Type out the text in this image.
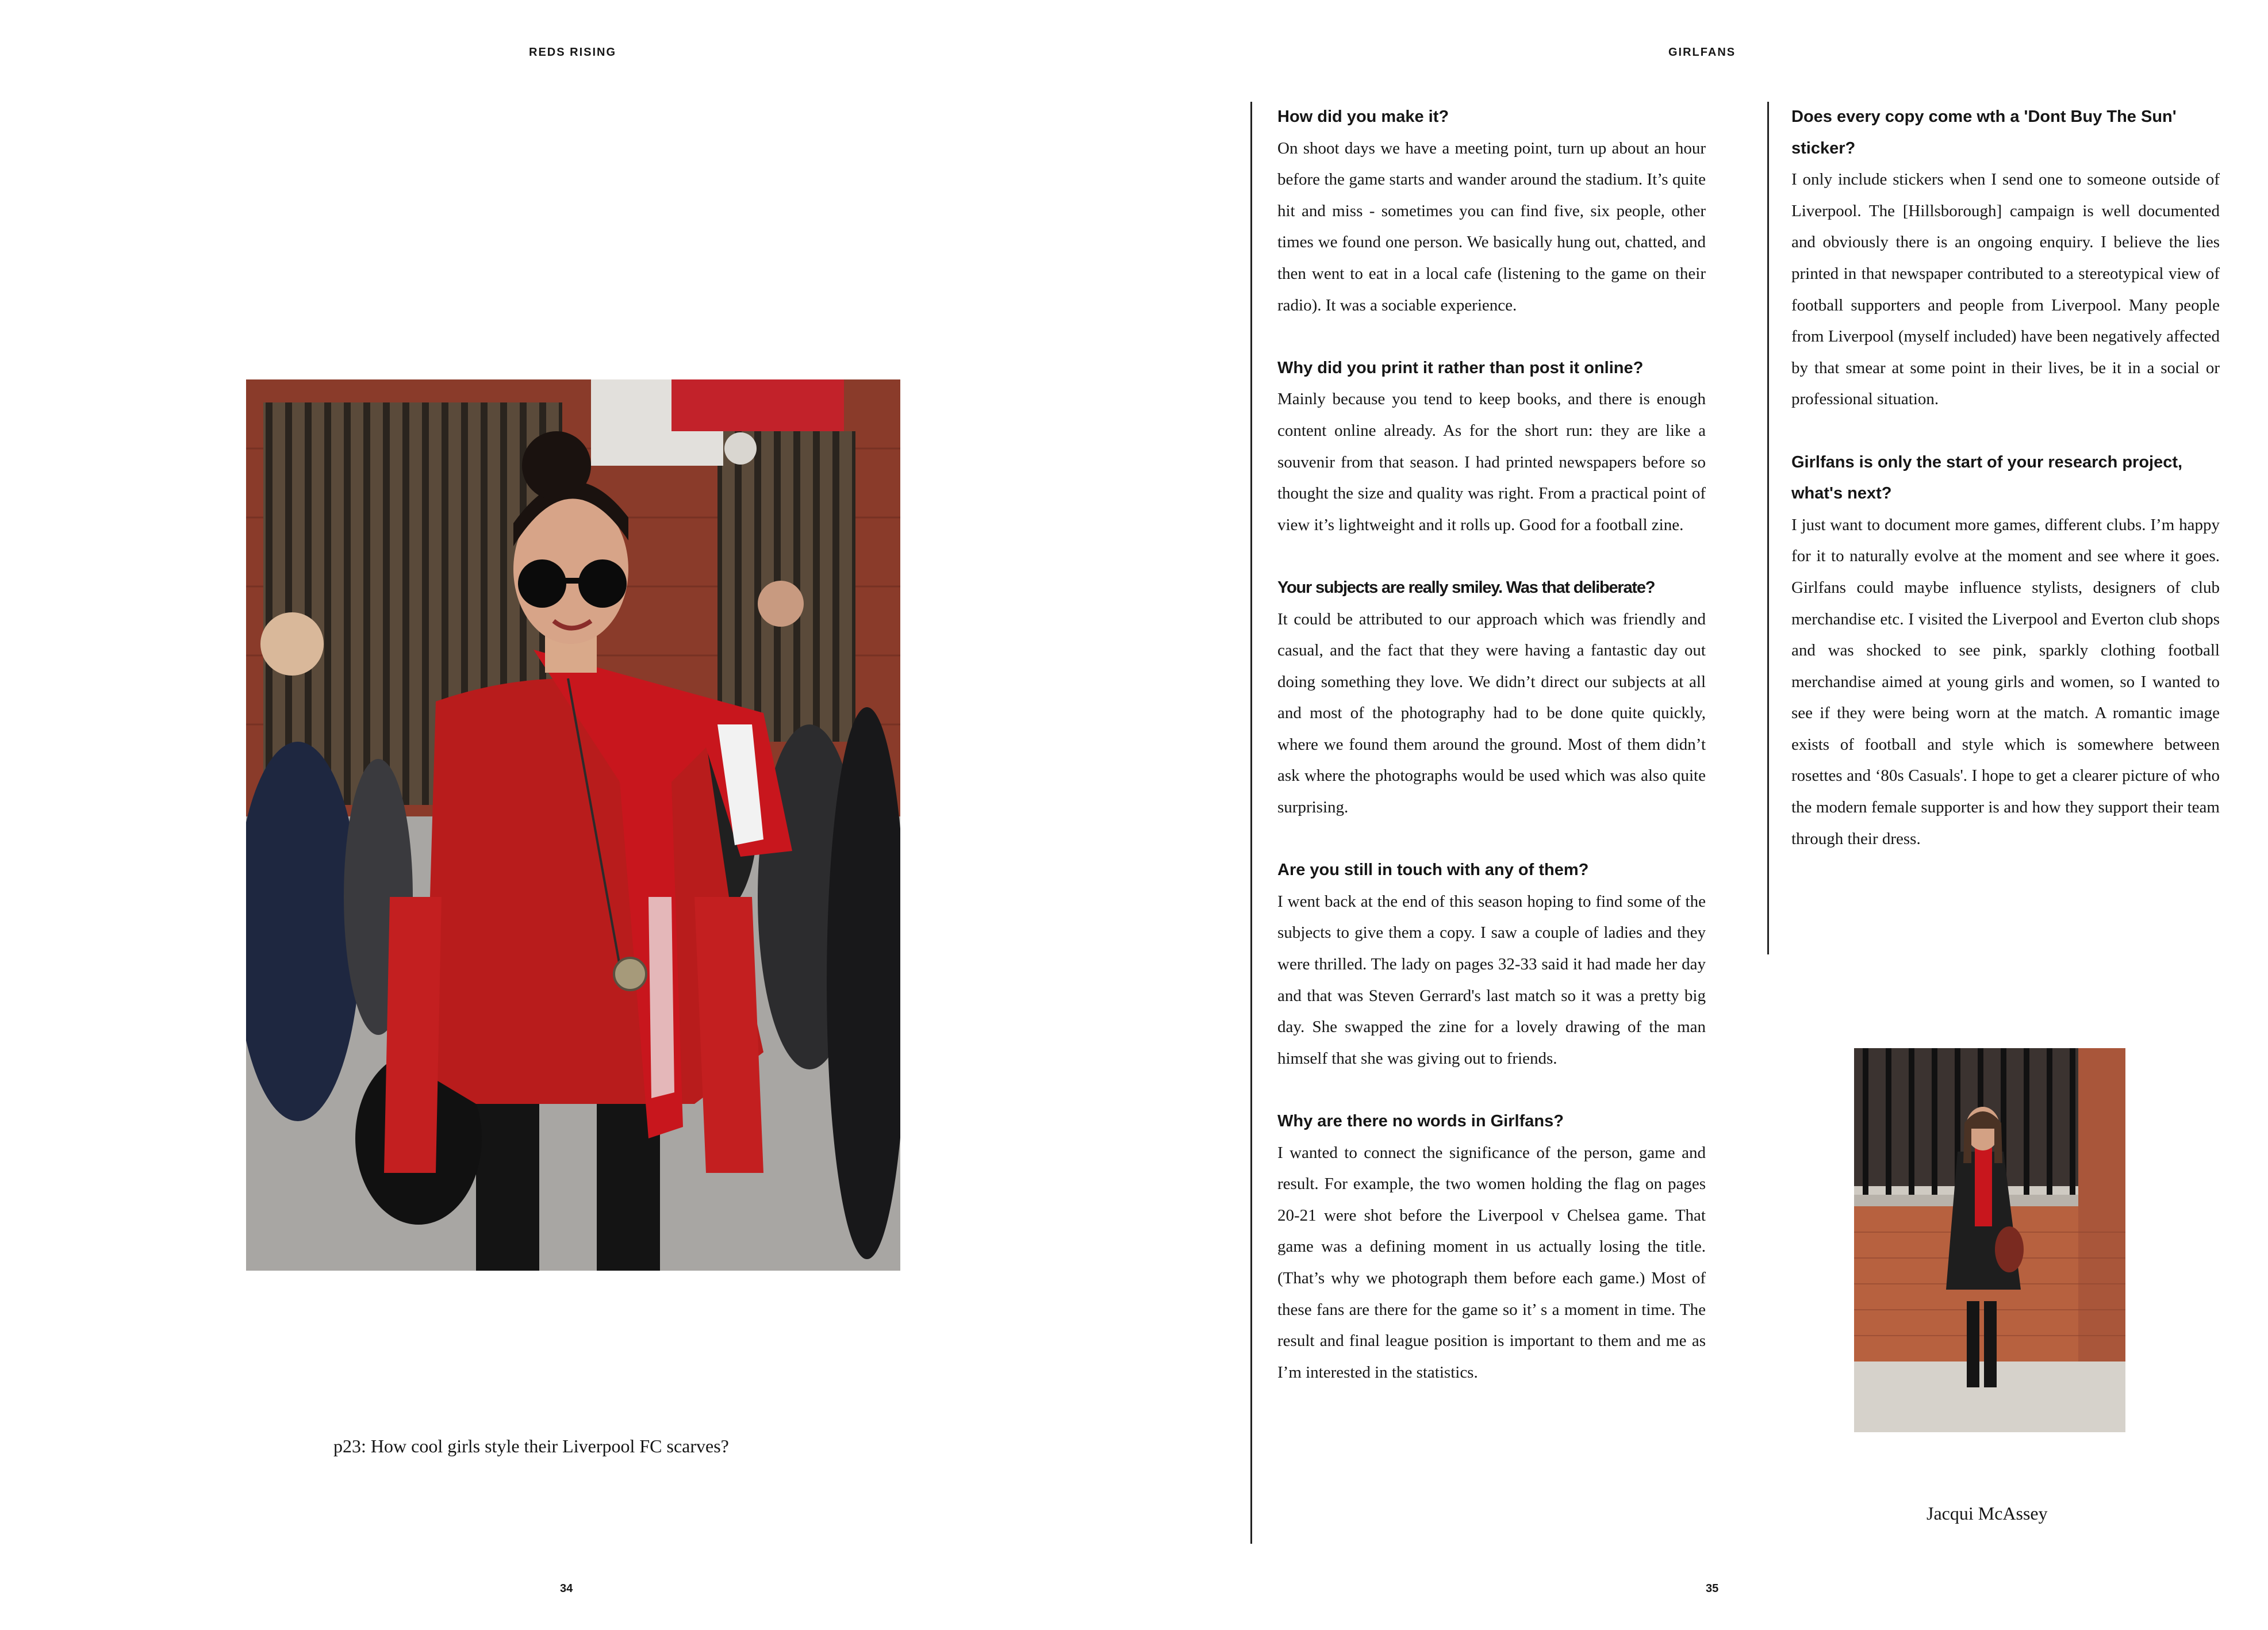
REDS RISING
p23: How cool girls style their Liverpool FC scarves?
34
GIRLFANS
35

How did you make it?

On shoot days we have a meeting point, turn up about an hour before the game starts and wander around the stadium. It’s quite hit and miss - sometimes you can find five, six people, other times we found one person. We basically hung out, chatted, and then went to eat in a local cafe (listening to the game on their radio). It was a sociable experience.

Why did you print it rather than post it online?

Mainly because you tend to keep books, and there is enough content online already. As for the short run: they are like a souvenir from that season. I had printed newspapers before so thought the size and quality was right. From a practical point of view it’s lightweight and it rolls up. Good for a football zine.

Your subjects are really smiley. Was that deliberate?

It could be attributed to our approach which was friendly and casual, and the fact that they were having a fantastic day out doing something they love. We didn’t direct our subjects at all and most of the photography had to be done quite quickly, where we found them around the ground. Most of them didn’t ask where the photographs would be used which was also quite surprising.

Are you still in touch with any of them?

I went back at the end of this season hoping to find some of the subjects to give them a copy. I saw a couple of ladies and they were thrilled. The lady on pages 32-33 said it had made her day and that was Steven Gerrard's last match so it was a pretty big day. She swapped the zine for a lovely drawing of the man himself that she was giving out to friends.

Why are there no words in Girlfans?

I wanted to connect the significance of the person, game and result. For example, the two women holding the flag on pages 20-21 were shot before the Liverpool v Chelsea game. That game was a defining moment in us actually losing the title. (That’s why we photograph them before each game.) Most of these fans are there for the game so it’ s a moment in time. The result and final league position is important to them and me as I’m interested in the statistics.

Does every copy come wth a 'Dont Buy The Sun' sticker?

I only include stickers when I send one to someone outside of Liverpool. The [Hillsborough] campaign is well documented and obviously there is an ongoing enquiry. I believe the lies printed in that newspaper contributed to a stereotypical view of football supporters and people from Liverpool. Many people from Liverpool (myself included) have been negatively affected by that smear at some point in their lives, be it in a social or professional situation.

Girlfans is only the start of your research project, what's next?

I just want to document more games, different clubs. I’m happy for it to naturally evolve at the moment and see where it goes. Girlfans could maybe influence stylists, designers of club merchandise etc. I visited the Liverpool and Everton club shops and was shocked to see pink, sparkly clothing football merchandise aimed at young girls and women, so I wanted to see if they were being worn at the match. A romantic image exists of football and style which is somewhere between rosettes and ‘80s Casuals'. I hope to get a clearer picture of who the modern female supporter is and how they support their team through their dress.

Jacqui McAssey
